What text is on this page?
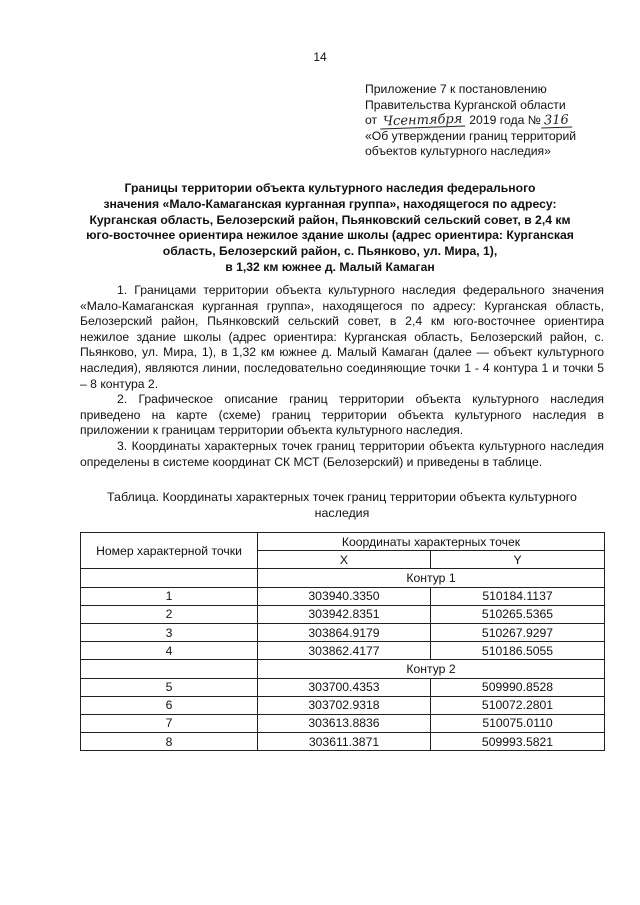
14
Приложение 7 к постановлению
Правительства Курганской области
от Чсентября 2019 года № 316
«Об утверждении границ территорий
объектов культурного наследия»
Границы территории объекта культурного наследия федерального
значения «Мало-Камаганская курганная группа», находящегося по адресу:
Курганская область, Белозерский район, Пьянковский сельский совет, в 2,4 км
юго-восточнее ориентира нежилое здание школы (адрес ориентира: Курганская
область, Белозерский район, с. Пьянково, ул. Мира, 1),
в 1,32 км южнее д. Малый Камаган

1. Границами территории объекта культурного наследия федерального значения «Мало-Камаганская курганная группа», находящегося по адресу: Курганская область, Белозерский район, Пьянковский сельский совет, в 2,4 км юго-восточнее ориентира нежилое здание школы (адрес ориентира: Курганская область, Белозерский район, с. Пьянково, ул. Мира, 1), в 1,32 км южнее д. Малый Камаган (далее — объект культурного наследия), являются линии, последовательно соединяющие точки 1 - 4 контура 1 и точки 5 – 8 контура 2.

2. Графическое описание границ территории объекта культурного наследия приведено на карте (схеме) границ территории объекта культурного наследия в приложении к границам территории объекта культурного наследия.

3. Координаты характерных точек границ территории объекта культурного наследия определены в системе координат СК МСТ (Белозерский) и приведены в таблице.

Таблица. Координаты характерных точек границ территории объекта культурного наследия
Номер характерной точки	Координаты характерных точек	
	X	Y
	Контур 1	
1	303940.3350	510184.1137
2	303942.8351	510265.5365
3	303864.9179	510267.9297
4	303862.4177	510186.5055
	Контур 2	
5	303700.4353	509990.8528
6	303702.9318	510072.2801
7	303613.8836	510075.0110
8	303611.3871	509993.5821
